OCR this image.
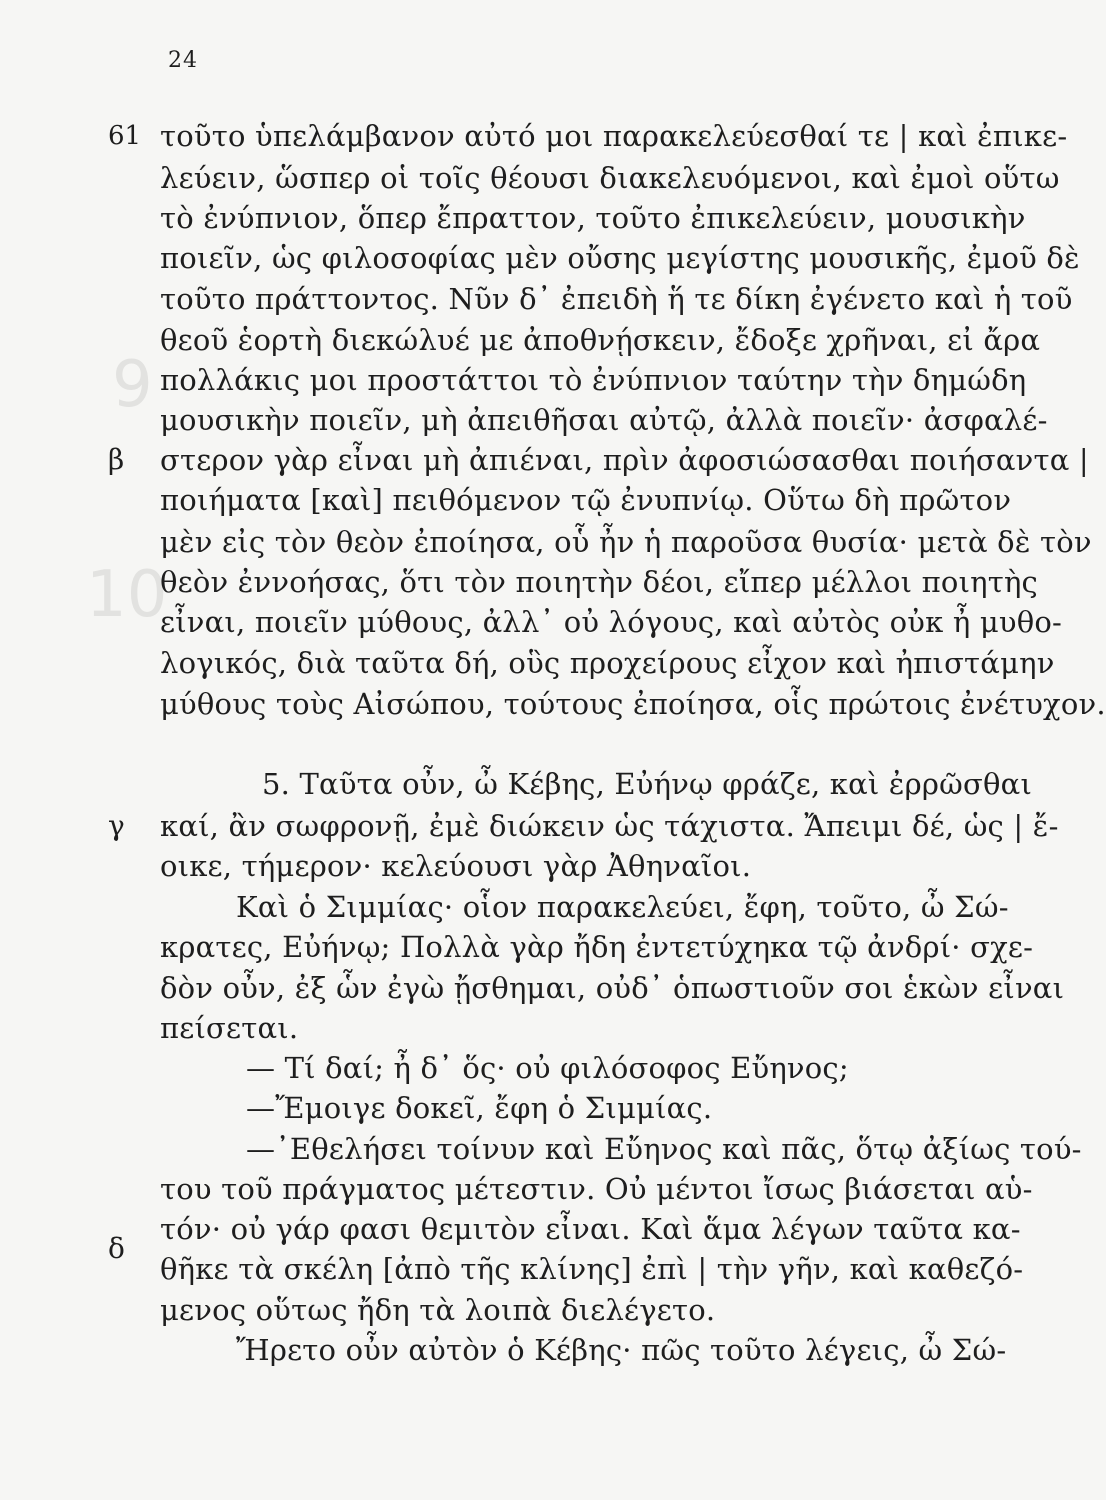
9
10
24
61
β
γ
δ
τοῦτο ὑπελάμβανον αὐτό μοι παρακελεύεσθαί τε | καὶ ἐπικε-
λεύειν, ὥσπερ οἱ τοῖς θέουσι διακελευόμενοι, καὶ ἐμοὶ οὕτω
τὸ ἐνύπνιον, ὅπερ ἔπραττον, τοῦτο ἐπικελεύειν, μουσικὴν
ποιεῖν, ὡς φιλοσοφίας μὲν οὔσης μεγίστης μουσικῆς, ἐμοῦ δὲ
τοῦτο πράττοντος. Νῦν δ᾽ ἐπειδὴ ἥ τε δίκη ἐγένετο καὶ ἡ τοῦ
θεοῦ ἑορτὴ διεκώλυέ με ἀποθνῄσκειν, ἔδοξε χρῆναι, εἰ ἄρα
πολλάκις μοι προστάττοι τὸ ἐνύπνιον ταύτην τὴν δημώδη
μουσικὴν ποιεῖν, μὴ ἀπειθῆσαι αὐτῷ, ἀλλὰ ποιεῖν· ἀσφαλέ-
στερον γὰρ εἶναι μὴ ἀπιέναι, πρὶν ἀφοσιώσασθαι ποιήσαντα |
ποιήματα [καὶ] πειθόμενον τῷ ἐνυπνίῳ. Οὕτω δὴ πρῶτον
μὲν εἰς τὸν θεὸν ἐποίησα, οὗ ἦν ἡ παροῦσα θυσία· μετὰ δὲ τὸν
θεὸν ἐννοήσας, ὅτι τὸν ποιητὴν δέοι, εἴπερ μέλλοι ποιητὴς
εἶναι, ποιεῖν μύθους, ἀλλ᾽ οὐ λόγους, καὶ αὐτὸς οὐκ ἦ μυθο-
λογικός, διὰ ταῦτα δή, οὓς προχείρους εἶχον καὶ ἠπιστάμην
μύθους τοὺς Αἰσώπου, τούτους ἐποίησα, οἷς πρώτοις ἐνέτυχον.
5. Ταῦτα οὖν, ὦ Κέβης, Εὐήνῳ φράζε, καὶ ἐρρῶσθαι
καί, ἂν σωφρονῇ, ἐμὲ διώκειν ὡς τάχιστα. Ἄπειμι δέ, ὡς | ἔ-
οικε, τήμερον· κελεύουσι γὰρ Ἀθηναῖοι.
Καὶ ὁ Σιμμίας· οἷον παρακελεύει, ἔφη, τοῦτο, ὦ Σώ-
κρατες, Εὐήνῳ; Πολλὰ γὰρ ἤδη ἐντετύχηκα τῷ ἀνδρί· σχε-
δὸν οὖν, ἐξ ὧν ἐγὼ ᾔσθημαι, οὐδ᾽ ὁπωστιοῦν σοι ἑκὼν εἶναι
πείσεται.
— Τί δαί; ἦ δ᾽ ὅς· οὐ φιλόσοφος Εὔηνος;
—Ἔμοιγε δοκεῖ, ἔφη ὁ Σιμμίας.
—᾽Εθελήσει τοίνυν καὶ Εὔηνος καὶ πᾶς, ὅτῳ ἀξίως τού-
του τοῦ πράγματος μέτεστιν. Οὐ μέντοι ἴσως βιάσεται αὑ-
τόν· οὐ γάρ φασι θεμιτὸν εἶναι. Καὶ ἅμα λέγων ταῦτα κα-
θῆκε τὰ σκέλη [ἀπὸ τῆς κλίνης] ἐπὶ | τὴν γῆν, καὶ καθεζό-
μενος οὕτως ἤδη τὰ λοιπὰ διελέγετο.
Ἤρετο οὖν αὐτὸν ὁ Κέβης· πῶς τοῦτο λέγεις, ὦ Σώ-
